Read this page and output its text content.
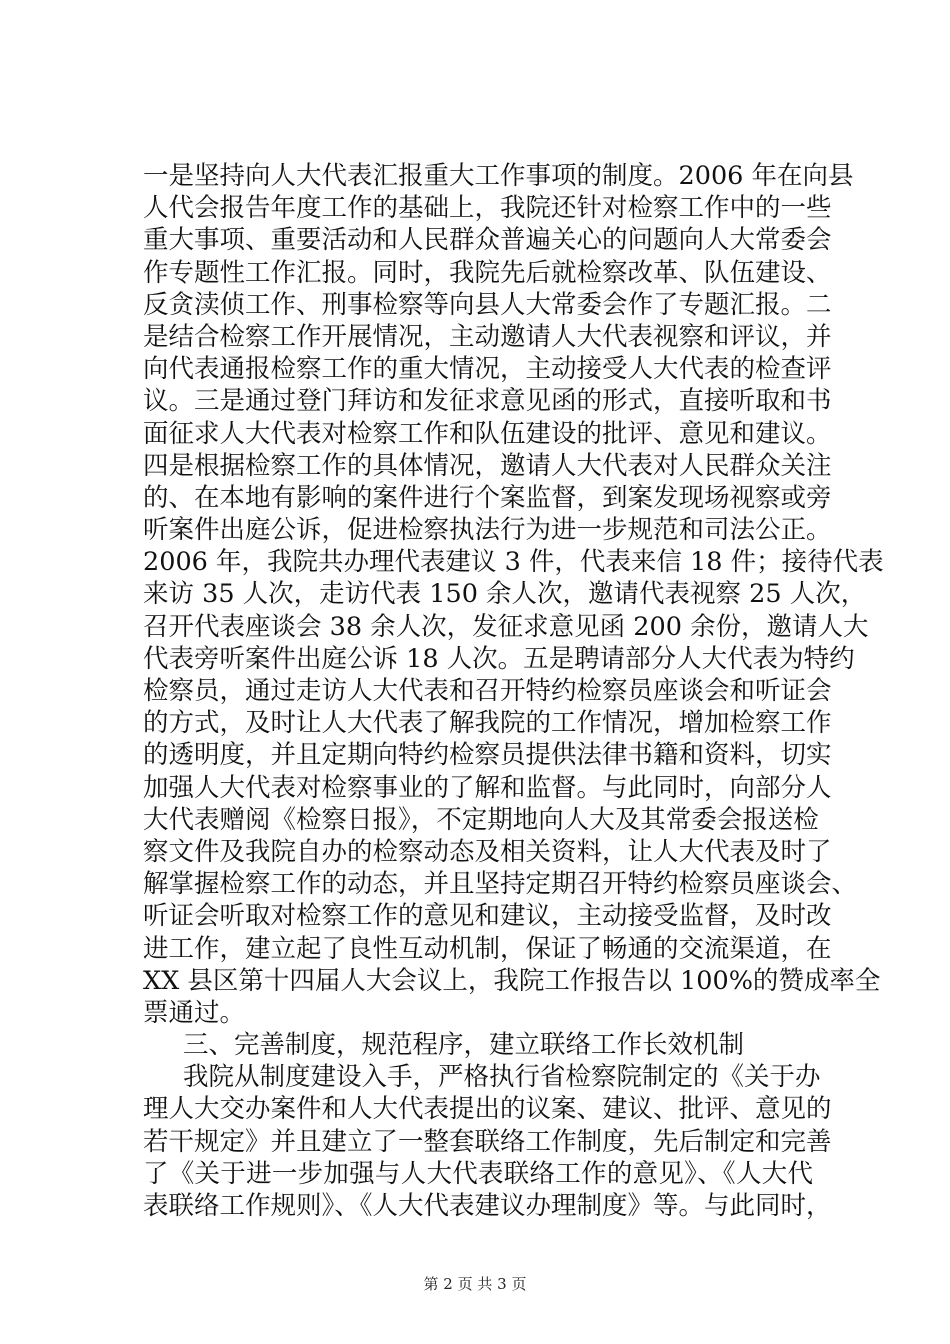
一是坚持向人大代表汇报重大工作事项的制度。2006 年在向县
人代会报告年度工作的基础上，我院还针对检察工作中的一些
重大事项、重要活动和人民群众普遍关心的问题向人大常委会
作专题性工作汇报。同时，我院先后就检察改革、队伍建设、
反贪渎侦工作、刑事检察等向县人大常委会作了专题汇报。二
是结合检察工作开展情况，主动邀请人大代表视察和评议，并
向代表通报检察工作的重大情况，主动接受人大代表的检查评
议。三是通过登门拜访和发征求意见函的形式，直接听取和书
面征求人大代表对检察工作和队伍建设的批评、意见和建议。
四是根据检察工作的具体情况，邀请人大代表对人民群众关注
的、在本地有影响的案件进行个案监督，到案发现场视察或旁
听案件出庭公诉，促进检察执法行为进一步规范和司法公正。
2006 年，我院共办理代表建议 3 件，代表来信 18 件；接待代表
来访 35 人次，走访代表 150 余人次，邀请代表视察 25 人次，
召开代表座谈会 38 余人次，发征求意见函 200 余份，邀请人大
代表旁听案件出庭公诉 18 人次。五是聘请部分人大代表为特约
检察员，通过走访人大代表和召开特约检察员座谈会和听证会
的方式，及时让人大代表了解我院的工作情况，增加检察工作
的透明度，并且定期向特约检察员提供法律书籍和资料，切实
加强人大代表对检察事业的了解和监督。与此同时，向部分人
大代表赠阅《检察日报》，不定期地向人大及其常委会报送检
察文件及我院自办的检察动态及相关资料，让人大代表及时了
解掌握检察工作的动态，并且坚持定期召开特约检察员座谈会、
听证会听取对检察工作的意见和建议，主动接受监督，及时改
进工作，建立起了良性互动机制，保证了畅通的交流渠道，在
XX 县区第十四届人大会议上，我院工作报告以 100%的赞成率全
票通过。
三、完善制度，规范程序，建立联络工作长效机制
我院从制度建设入手，严格执行省检察院制定的《关于办
理人大交办案件和人大代表提出的议案、建议、批评、意见的
若干规定》并且建立了一整套联络工作制度，先后制定和完善
了《关于进一步加强与人大代表联络工作的意见》、《人大代
表联络工作规则》、《人大代表建议办理制度》等。与此同时，
第 2 页 共 3 页
